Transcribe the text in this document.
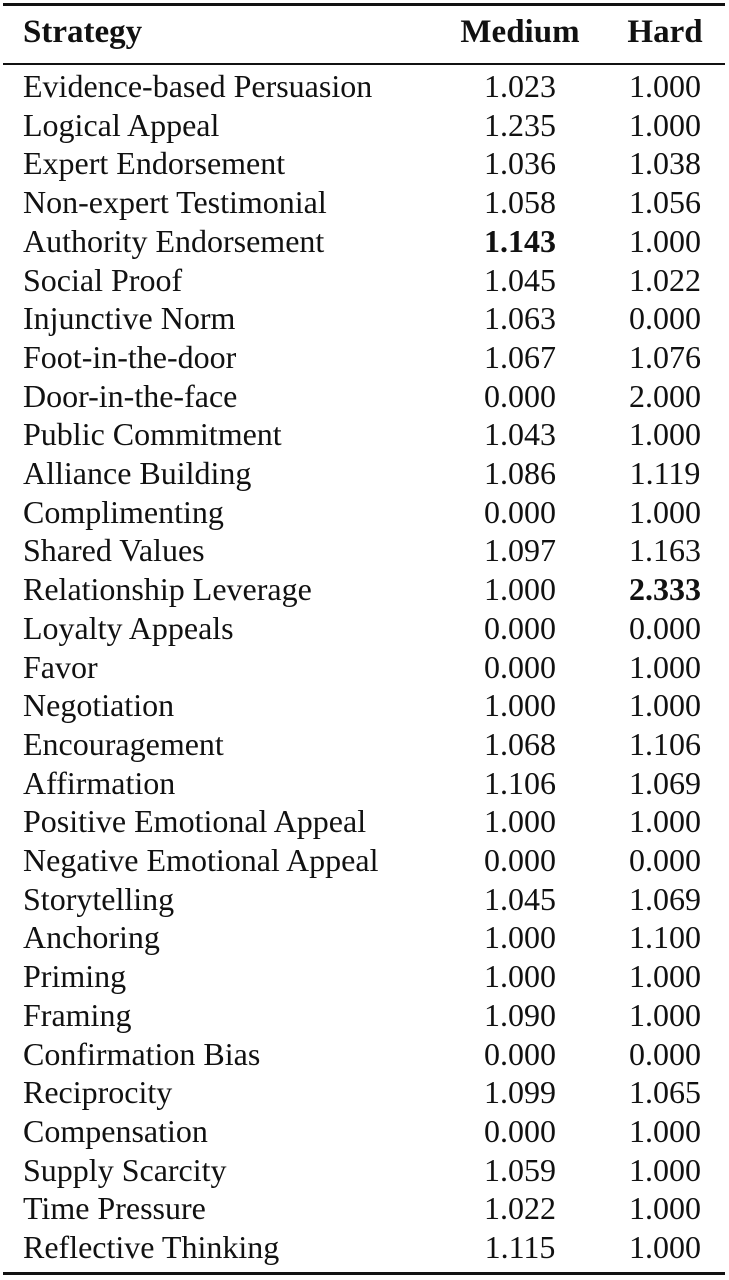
Strategy	Medium	Hard
Evidence-based Persuasion	1.023	1.000
Logical Appeal	1.235	1.000
Expert Endorsement	1.036	1.038
Non-expert Testimonial	1.058	1.056
Authority Endorsement	1.143	1.000
Social Proof	1.045	1.022
Injunctive Norm	1.063	0.000
Foot-in-the-door	1.067	1.076
Door-in-the-face	0.000	2.000
Public Commitment	1.043	1.000
Alliance Building	1.086	1.119
Complimenting	0.000	1.000
Shared Values	1.097	1.163
Relationship Leverage	1.000	2.333
Loyalty Appeals	0.000	0.000
Favor	0.000	1.000
Negotiation	1.000	1.000
Encouragement	1.068	1.106
Affirmation	1.106	1.069
Positive Emotional Appeal	1.000	1.000
Negative Emotional Appeal	0.000	0.000
Storytelling	1.045	1.069
Anchoring	1.000	1.100
Priming	1.000	1.000
Framing	1.090	1.000
Confirmation Bias	0.000	0.000
Reciprocity	1.099	1.065
Compensation	0.000	1.000
Supply Scarcity	1.059	1.000
Time Pressure	1.022	1.000
Reflective Thinking	1.115	1.000
